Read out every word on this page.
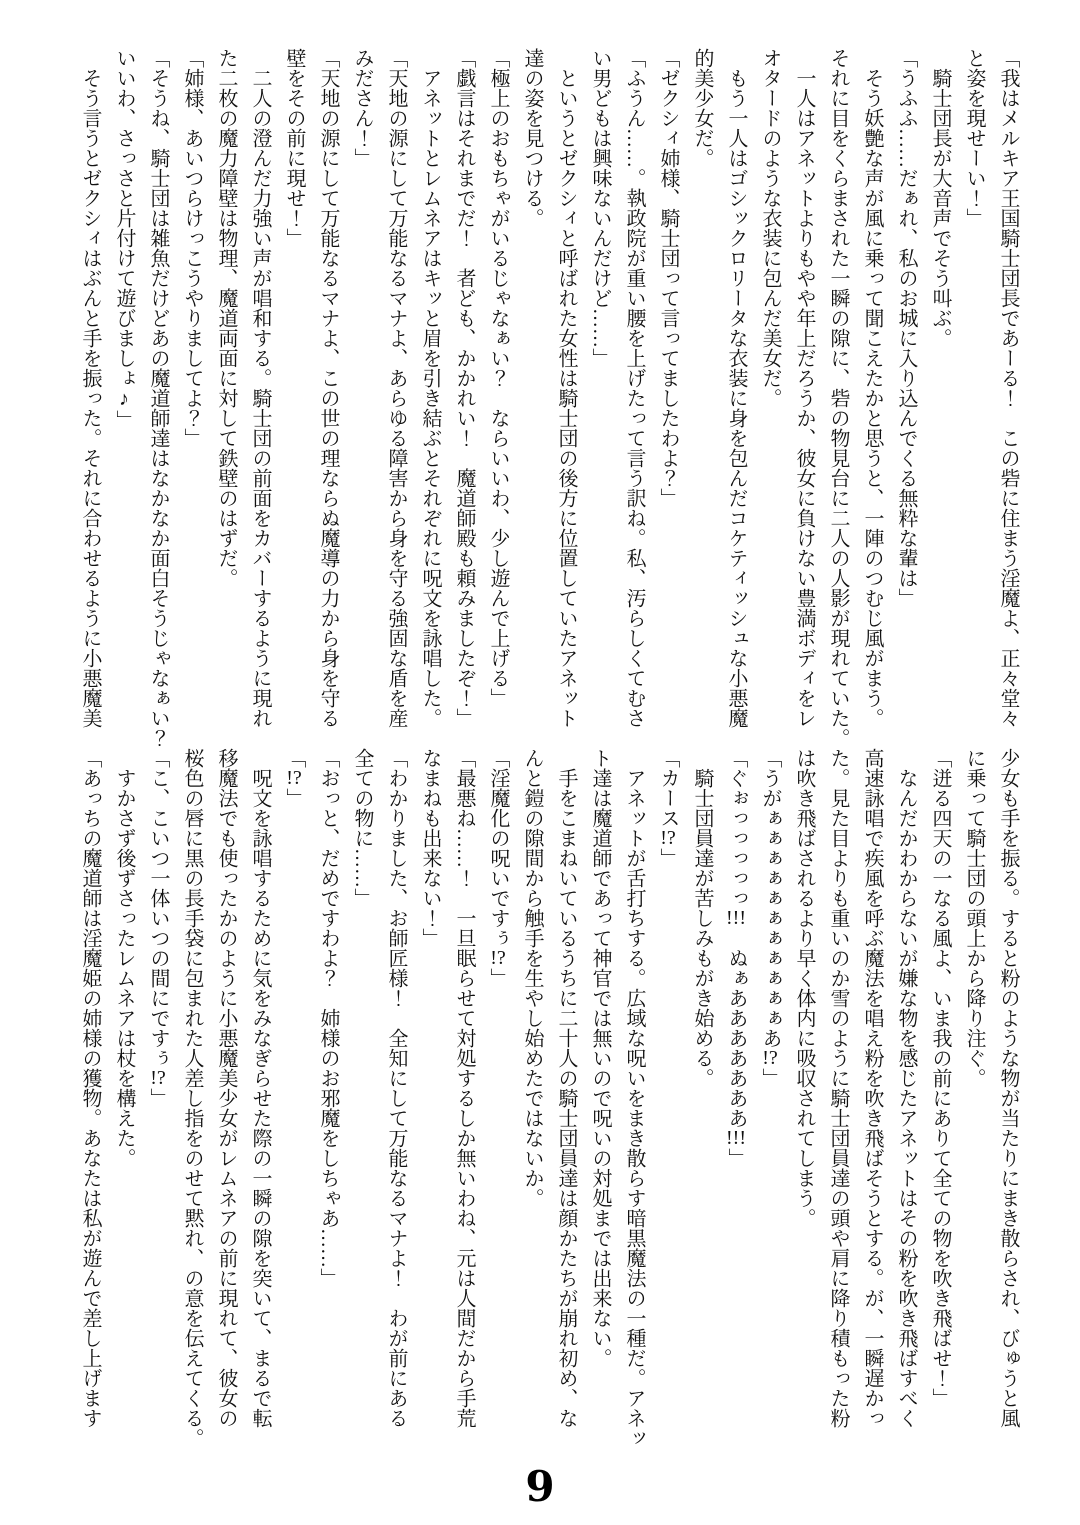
「我はメルキア王国騎士団長であーる！　この砦に住まう淫魔よ、正々堂々

と姿を現せーい！」

騎士団長が大音声でそう叫ぶ。

「うふふ……だぁれ、私のお城に入り込んでくる無粋な輩は」

そう妖艶な声が風に乗って聞こえたかと思うと、一陣のつむじ風がまう。

それに目をくらまされた一瞬の隙に、砦の物見台に二人の人影が現れていた。

一人はアネットよりもやや年上だろうか、彼女に負けない豊満ボディをレ

オタードのような衣装に包んだ美女だ。

もう一人はゴシックロリータな衣装に身を包んだコケティッシュな小悪魔

的美少女だ。

「ゼクシィ姉様、騎士団って言ってましたわよ？」

「ふうん……。執政院が重い腰を上げたって言う訳ね。私、汚らしくてむさ

い男どもは興味ないんだけど……」

というとゼクシィと呼ばれた女性は騎士団の後方に位置していたアネット

達の姿を見つける。

「極上のおもちゃがいるじゃなぁい？　ならいいわ、少し遊んで上げる」

「戯言はそれまでだ！　者ども、かかれい！　魔道師殿も頼みましたぞ！」

アネットとレムネアはキッと眉を引き結ぶとそれぞれに呪文を詠唱した。

「天地の源にして万能なるマナよ、あらゆる障害から身を守る強固な盾を産

みださん！」

「天地の源にして万能なるマナよ、この世の理ならぬ魔導の力から身を守る

壁をその前に現せ！」

二人の澄んだ力強い声が唱和する。騎士団の前面をカバーするように現れ

た二枚の魔力障壁は物理、魔道両面に対して鉄壁のはずだ。

「姉様、あいつらけっこうやりましてよ？」

「そうね、騎士団は雑魚だけどあの魔道師達はなかなか面白そうじゃなぁい？

いいわ、さっさと片付けて遊びましょ♪」

そう言うとゼクシィはぶんと手を振った。それに合わせるように小悪魔美

少女も手を振る。すると粉のような物が当たりにまき散らされ、びゅうと風

に乗って騎士団の頭上から降り注ぐ。

「迸る四天の一なる風よ、いま我の前にありて全ての物を吹き飛ばせ！」

なんだかわからないが嫌な物を感じたアネットはその粉を吹き飛ばすべく

高速詠唱で疾風を呼ぶ魔法を唱え粉を吹き飛ばそうとする。が、一瞬遅かっ

た。見た目よりも重いのか雪のように騎士団員達の頭や肩に降り積もった粉

は吹き飛ばされるより早く体内に吸収されてしまう。

「うがぁぁぁぁぁぁぁぁぁぁぁあ!?」

「ぐぉっっっっっ!!!　ぬぁあああああああ!!!」

騎士団員達が苦しみもがき始める。

「カース!?」

アネットが舌打ちする。広域な呪いをまき散らす暗黒魔法の一種だ。アネッ

ト達は魔道師であって神官では無いので呪いの対処までは出来ない。

手をこまねいているうちに二十人の騎士団員達は顔かたちが崩れ初め、な

んと鎧の隙間から触手を生やし始めたではないか。

「淫魔化の呪いですぅ!?」

「最悪ね……！　一旦眠らせて対処するしか無いわね、元は人間だから手荒

なまねも出来ない！」

「わかりました、お師匠様！　全知にして万能なるマナよ！　わが前にある

全ての物に……」

「おっと、だめですわよ？　姉様のお邪魔をしちゃあ……」

「!?」

呪文を詠唱するために気をみなぎらせた際の一瞬の隙を突いて、まるで転

移魔法でも使ったかのように小悪魔美少女がレムネアの前に現れて、彼女の

桜色の唇に黒の長手袋に包まれた人差し指をのせて黙れ、の意を伝えてくる。

「こ、こいつ一体いつの間にですぅ!?」

すかさず後ずさったレムネアは杖を構えた。

「あっちの魔道師は淫魔姫の姉様の獲物。あなたは私が遊んで差し上げます

9
